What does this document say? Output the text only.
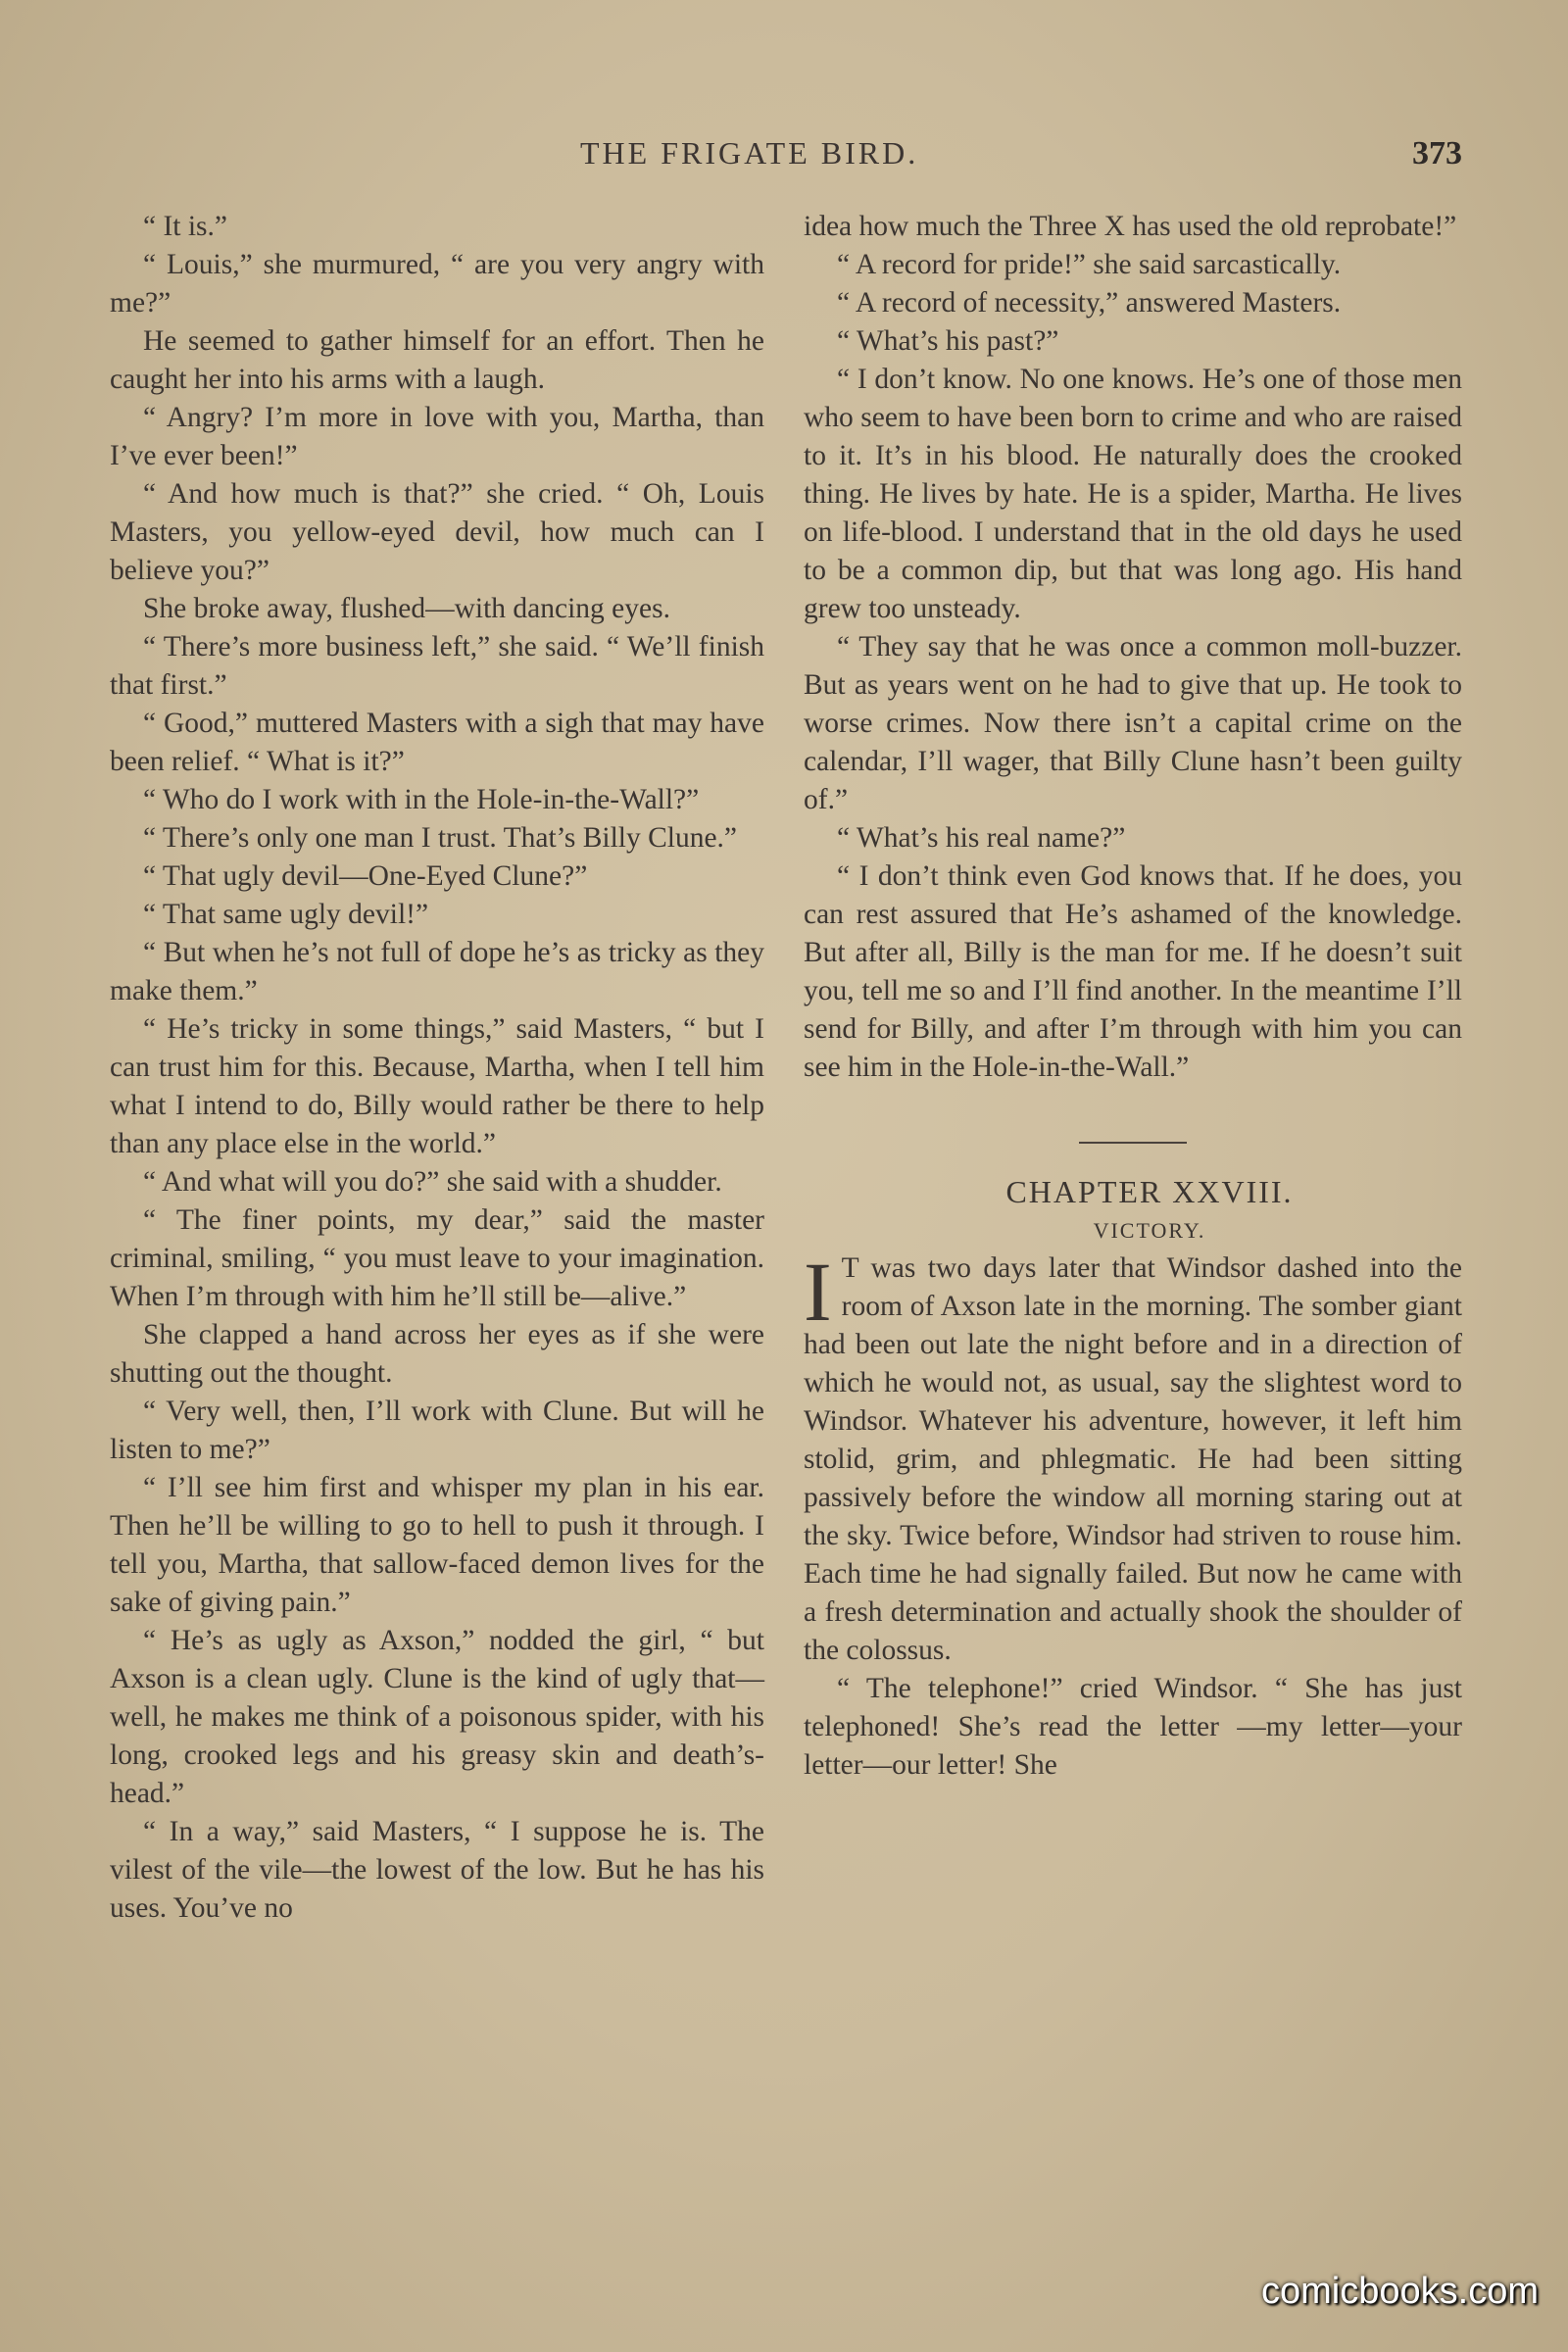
THE FRIGATE BIRD.	373

“ It is.”

“ Louis,” she murmured, “ are you very angry with me?”

He seemed to gather himself for an effort. Then he caught her into his arms with a laugh.

“ Angry? I’m more in love with you, Martha, than I’ve ever been!”

“ And how much is that?” she cried. “ Oh, Louis Masters, you yellow-eyed devil, how much can I believe you?”

She broke away, flushed—with dancing eyes.

“ There’s more business left,” she said. “ We’ll finish that first.”

“ Good,” muttered Masters with a sigh that may have been relief. “ What is it?”

“ Who do I work with in the Hole-in-the-Wall?”

“ There’s only one man I trust. That’s Billy Clune.”

“ That ugly devil—One-Eyed Clune?”

“ That same ugly devil!”

“ But when he’s not full of dope he’s as tricky as they make them.”

“ He’s tricky in some things,” said Masters, “ but I can trust him for this. Because, Martha, when I tell him what I intend to do, Billy would rather be there to help than any place else in the world.”

“ And what will you do?” she said with a shudder.

“ The finer points, my dear,” said the master criminal, smiling, “ you must leave to your imagination. When I’m through with him he’ll still be—alive.”

She clapped a hand across her eyes as if she were shutting out the thought.

“ Very well, then, I’ll work with Clune. But will he listen to me?”

“ I’ll see him first and whisper my plan in his ear. Then he’ll be willing to go to hell to push it through. I tell you, Martha, that sallow-faced demon lives for the sake of giving pain.”

“ He’s as ugly as Axson,” nodded the girl, “ but Axson is a clean ugly. Clune is the kind of ugly that—well, he makes me think of a poisonous spider, with his long, crooked legs and his greasy skin and death’s-head.”

“ In a way,” said Masters, “ I suppose he is. The vilest of the vile—the lowest of the low. But he has his uses. You’ve no

idea how much the Three X has used the old reprobate!”

“ A record for pride!” she said sarcastically.

“ A record of necessity,” answered Masters.

“ What’s his past?”

“ I don’t know. No one knows. He’s one of those men who seem to have been born to crime and who are raised to it. It’s in his blood. He naturally does the crooked thing. He lives by hate. He is a spider, Martha. He lives on life-blood. I understand that in the old days he used to be a common dip, but that was long ago. His hand grew too unsteady.

“ They say that he was once a common moll-buzzer. But as years went on he had to give that up. He took to worse crimes. Now there isn’t a capital crime on the calendar, I’ll wager, that Billy Clune hasn’t been guilty of.”

“ What’s his real name?”

“ I don’t think even God knows that. If he does, you can rest assured that He’s ashamed of the knowledge. But after all, Billy is the man for me. If he doesn’t suit you, tell me so and I’ll find another. In the meantime I’ll send for Billy, and after I’m through with him you can see him in the Hole-in-the-Wall.”

CHAPTER XXVIII.

VICTORY.

I T was two days later that Windsor dashed into the room of Axson late in the morning. The somber giant had been out late the night before and in a direction of which he would not, as usual, say the slightest word to Windsor. Whatever his adventure, however, it left him stolid, grim, and phlegmatic. He had been sitting passively before the window all morning staring out at the sky. Twice before, Windsor had striven to rouse him. Each time he had signally failed. But now he came with a fresh determination and actually shook the shoulder of the colossus.

“ The telephone!” cried Windsor. “ She has just telephoned! She’s read the letter —my letter—your letter—our letter! She

comicbooks.com
